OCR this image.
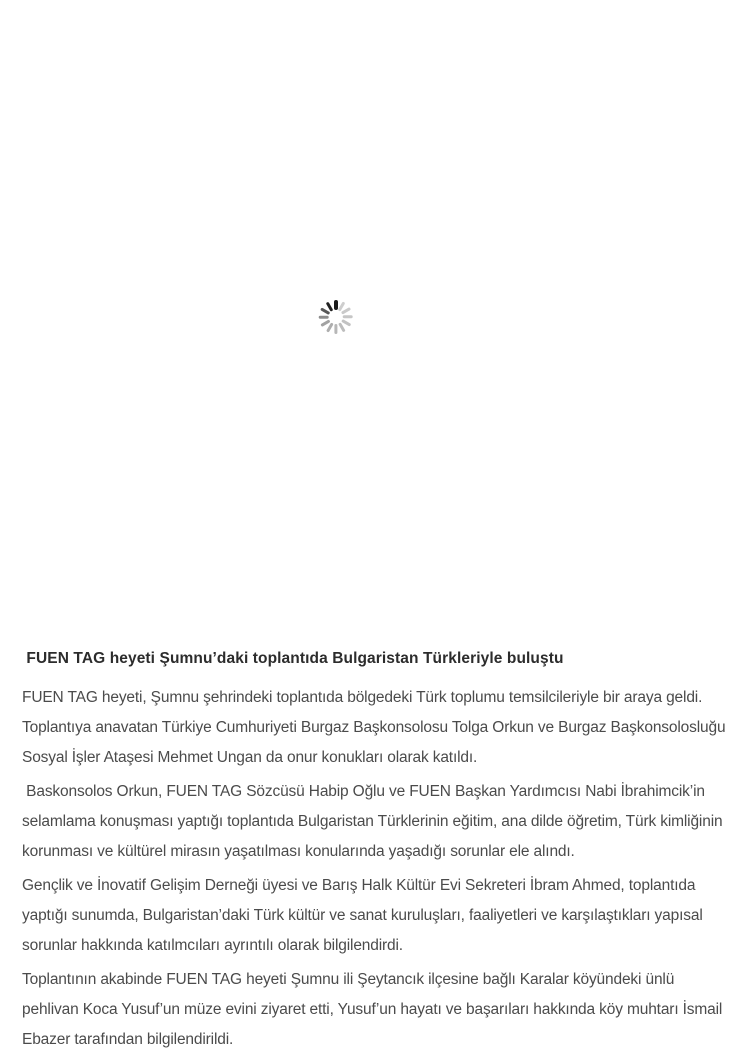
FUEN TAG heyeti Şumnu’daki toplantıda Bulgaristan Türkleriyle buluştu

FUEN TAG heyeti, Şumnu şehrindeki toplantıda bölgedeki Türk toplumu temsilcileriyle bir araya geldi. Toplantıya anavatan Türkiye Cumhuriyeti Burgaz Başkonsolosu Tolga Orkun ve Burgaz Başkonsolosluğu Sosyal İşler Ataşesi Mehmet Ungan da onur konukları olarak katıldı.

Baskonsolos Orkun, FUEN TAG Sözcüsü Habip Oğlu ve FUEN Başkan Yardımcısı Nabi İbrahimcik’in selamlama konuşması yaptığı toplantıda Bulgaristan Türklerinin eğitim, ana dilde öğretim, Türk kimliğinin korunması ve kültürel mirasın yaşatılması konularında yaşadığı sorunlar ele alındı.

Gençlik ve İnovatif Gelişim Derneği üyesi ve Barış Halk Kültür Evi Sekreteri İbram Ahmed, toplantıda yaptığı sunumda, Bulgaristan’daki Türk kültür ve sanat kuruluşları, faaliyetleri ve karşılaştıkları yapısal sorunlar hakkında katılmcıları ayrıntılı olarak bilgilendirdi.

Toplantının akabinde FUEN TAG heyeti Şumnu ili Şeytancık ilçesine bağlı Karalar köyündeki ünlü pehlivan Koca Yusuf’un müze evini ziyaret etti, Yusuf’un hayatı ve başarıları hakkında köy muhtarı İsmail Ebazer tarafından bilgilendirildi.
